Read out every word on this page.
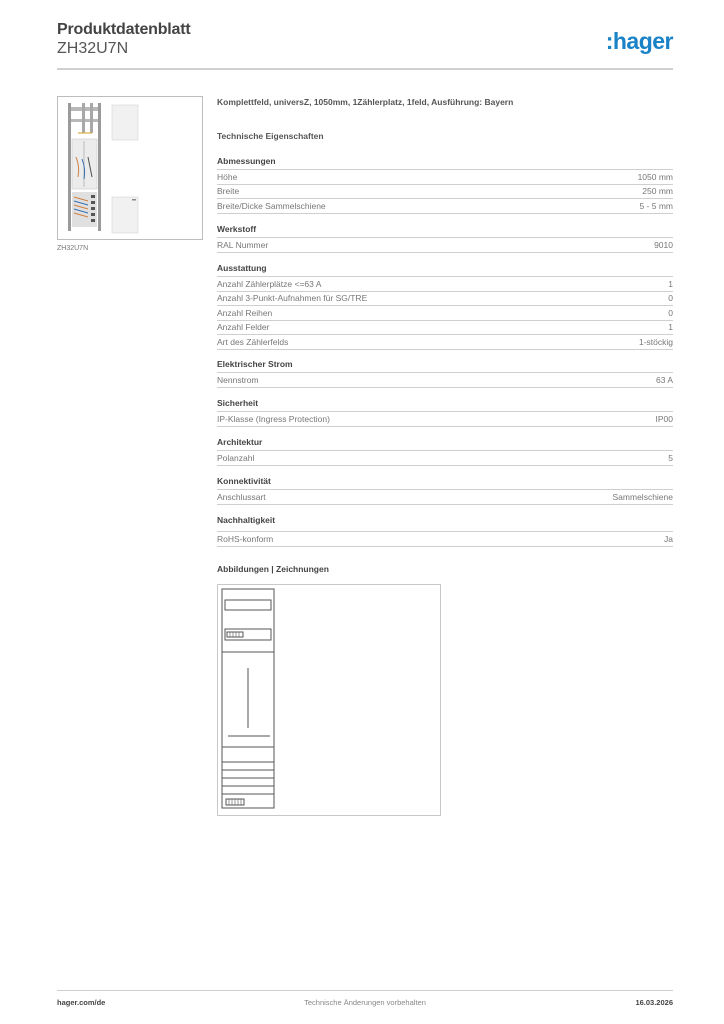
Produktdatenblatt
ZH32U7N	:hager
ZH32U7N
Komplettfeld, universZ, 1050mm, 1Zählerplatz, 1feld, Ausführung: Bayern
Technische Eigenschaften
Abmessungen
Höhe	1050 mm
Breite	250 mm
Breite/Dicke Sammelschiene	5 - 5 mm
Werkstoff
RAL Nummer	9010
Ausstattung
Anzahl Zählerplätze <=63 A	1
Anzahl 3-Punkt-Aufnahmen für SG/TRE	0
Anzahl Reihen	0
Anzahl Felder	1
Art des Zählerfelds	1-stöckig
Elektrischer Strom
Nennstrom	63 A
Sicherheit
IP-Klasse (Ingress Protection)	IP00
Architektur
Polanzahl	5
Konnektivität
Anschlussart	Sammelschiene
Nachhaltigkeit
RoHS-konform	Ja
Abbildungen | Zeichnungen
hager.com/de	Technische Änderungen vorbehalten	16.03.2026
